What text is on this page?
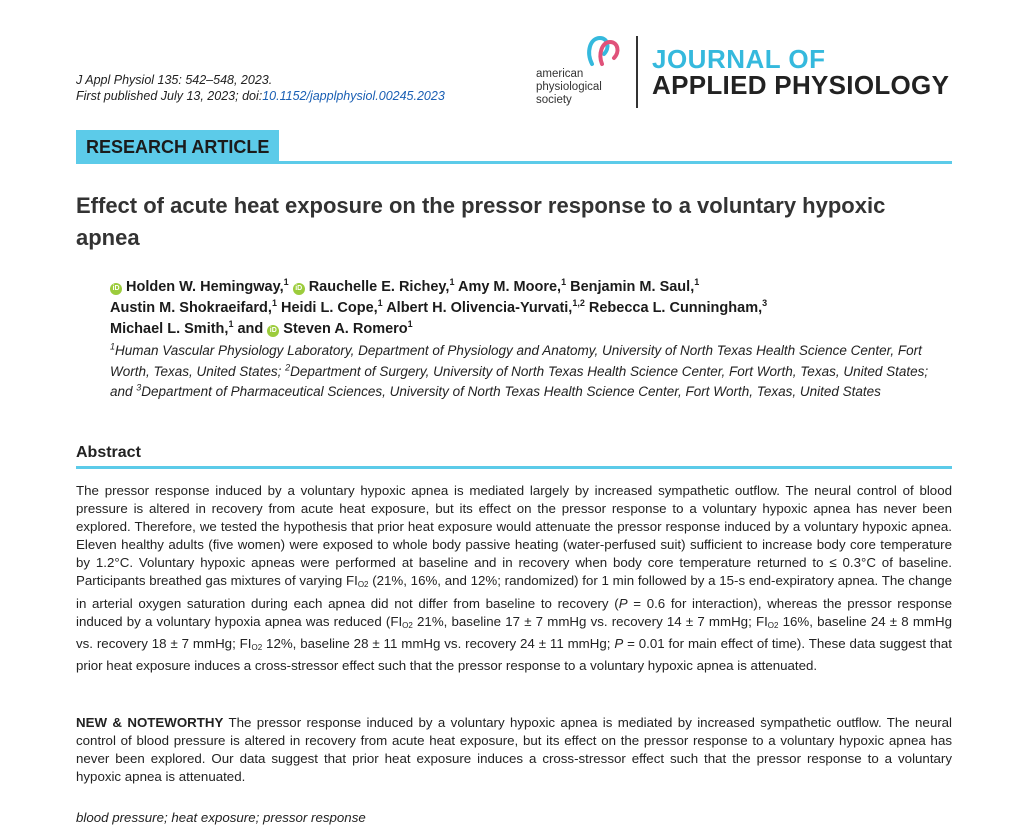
J Appl Physiol 135: 542–548, 2023.
First published July 13, 2023; doi:10.1152/japplphysiol.00245.2023
american
physiological
society
JOURNAL OF
APPLIED PHYSIOLOGY
RESEARCH ARTICLE
Effect of acute heat exposure on the pressor response to a voluntary hypoxic apnea
iD Holden W. Hemingway,$^1$ iD Rauchelle E. Richey,$^1$ Amy M. Moore,$^1$ Benjamin M. Saul,$^1$
Austin M. Shokraeifard,$^1$ Heidi L. Cope,$^1$ Albert H. Olivencia-Yurvati,$^{1,2}$ Rebecca L. Cunningham,$^3$
Michael L. Smith,$^1$ and iD Steven A. Romero$^1$
$^1$Human Vascular Physiology Laboratory, Department of Physiology and Anatomy, University of North Texas Health Science Center, Fort Worth, Texas, United States; $^2$Department of Surgery, University of North Texas Health Science Center, Fort Worth, Texas, United States; and $^3$Department of Pharmaceutical Sciences, University of North Texas Health Science Center, Fort Worth, Texas, United States
Abstract
The pressor response induced by a voluntary hypoxic apnea is mediated largely by increased sympathetic outflow. The neural control of blood pressure is altered in recovery from acute heat exposure, but its effect on the pressor response to a voluntary hypoxic apnea has never been explored. Therefore, we tested the hypothesis that prior heat exposure would attenuate the pressor response induced by a voluntary hypoxic apnea. Eleven healthy adults (five women) were exposed to whole body passive heating (water-perfused suit) sufficient to increase body core temperature by 1.2°C. Voluntary hypoxic apneas were performed at baseline and in recovery when body core temperature returned to ≤ 0.3°C of baseline. Participants breathed gas mixtures of varying $FI_{O2}$ (21%, 16%, and 12%; randomized) for 1 min followed by a 15-s end-expiratory apnea. The change in arterial oxygen saturation during each apnea did not differ from baseline to recovery (P = 0.6 for interaction), whereas the pressor response induced by a voluntary hypoxia apnea was reduced ($FI_{O2}$ 21%, baseline 17 ± 7 mmHg vs. recovery 14 ± 7 mmHg; $FI_{O2}$ 16%, baseline 24 ± 8 mmHg vs. recovery 18 ± 7 mmHg; $FI_{O2}$ 12%, baseline 28 ± 11 mmHg vs. recovery 24 ± 11 mmHg; P = 0.01 for main effect of time). These data suggest that prior heat exposure induces a cross-stressor effect such that the pressor response to a voluntary hypoxic apnea is attenuated.
NEW & NOTEWORTHY The pressor response induced by a voluntary hypoxic apnea is mediated by increased sympathetic outflow. The neural control of blood pressure is altered in recovery from acute heat exposure, but its effect on the pressor response to a voluntary hypoxic apnea has never been explored. Our data suggest that prior heat exposure induces a cross-stressor effect such that the pressor response to a voluntary hypoxic apnea is attenuated.
blood pressure; heat exposure; pressor response
